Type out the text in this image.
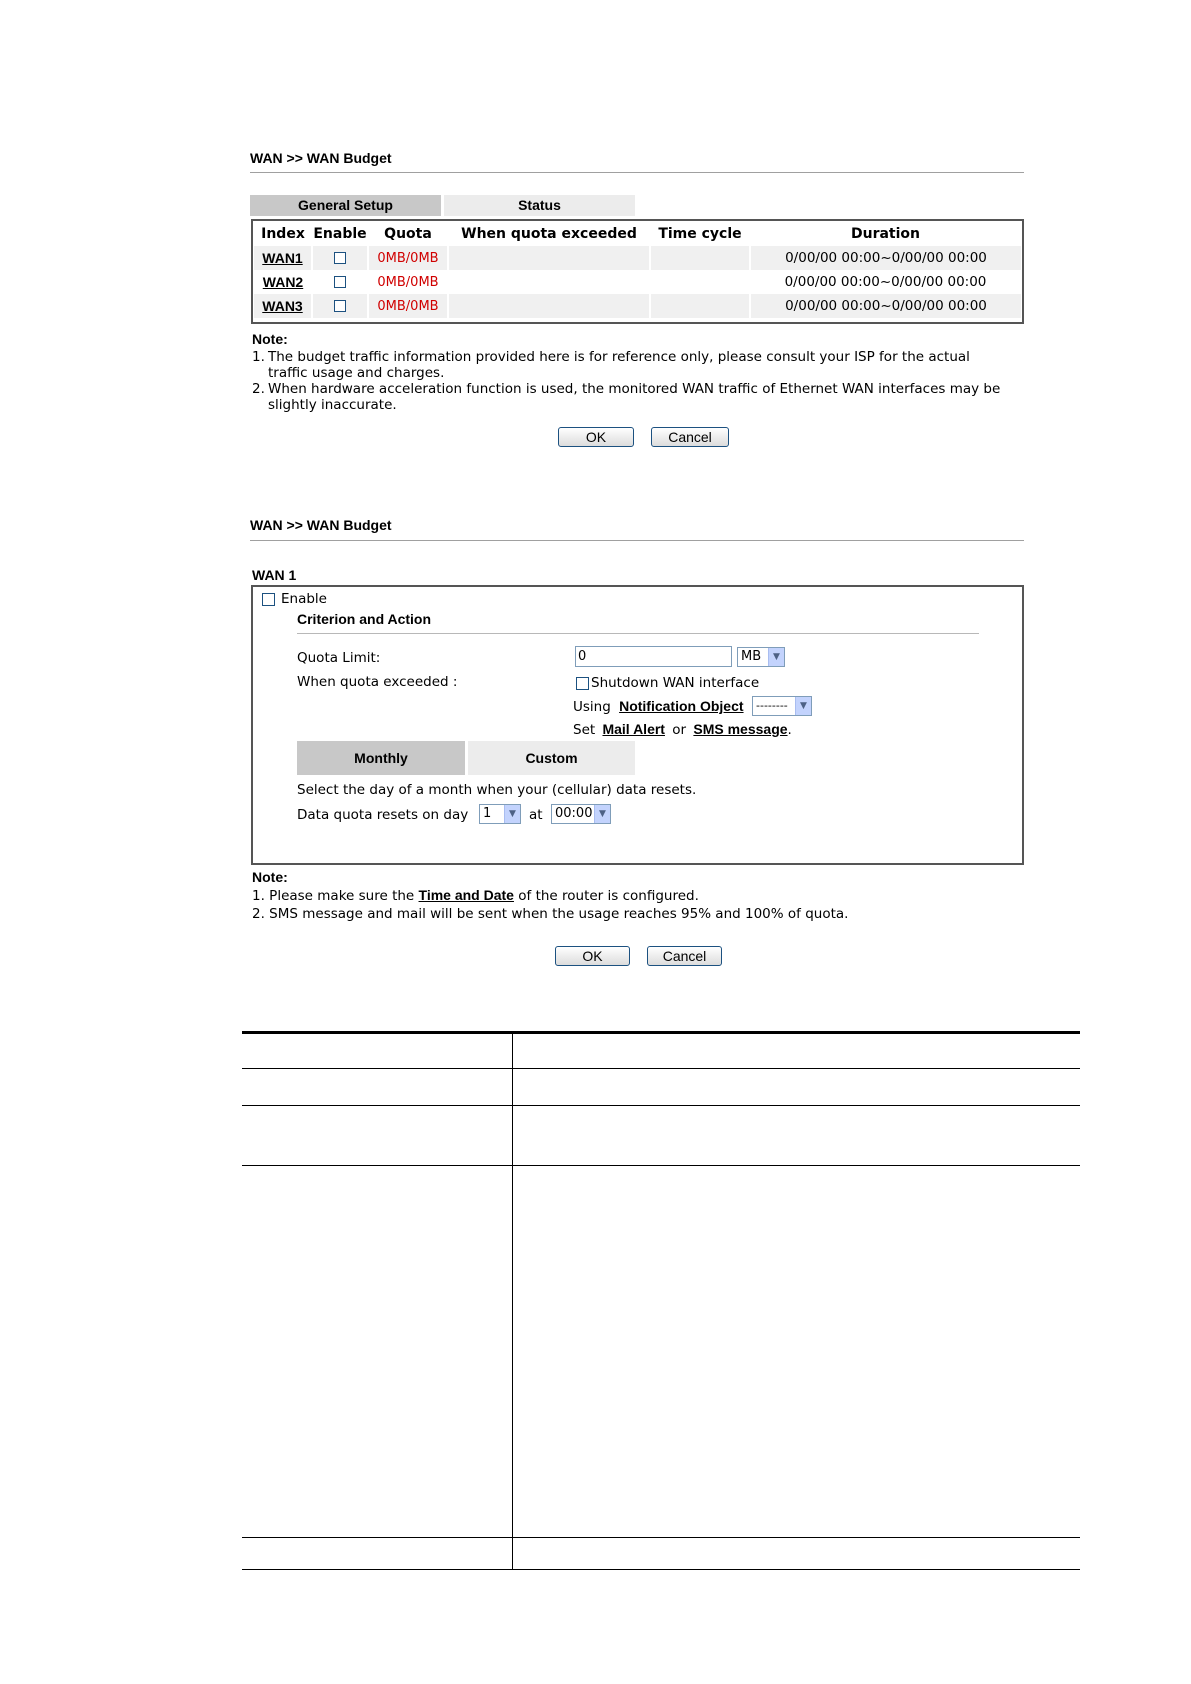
WAN >> WAN Budget
General Setup	Status
Index	Enable	Quota	When quota exceeded	Time cycle	Duration
WAN1		0MB/0MB			0/00/00 00:00~0/00/00 00:00
WAN2		0MB/0MB			0/00/00 00:00~0/00/00 00:00
WAN3		0MB/0MB			0/00/00 00:00~0/00/00 00:00
Note:
1. The budget traffic information provided here is for reference only, please consult your ISP for the actual
traffic usage and charges.
2. When hardware acceleration function is used, the monitored WAN traffic of Ethernet WAN interfaces may be
slightly inaccurate.
OK	Cancel
WAN >> WAN Budget
WAN 1
Enable
Criterion and Action
Quota Limit:	0	MB	▼
When quota exceeded :	Shutdown WAN interface
Using Notification Object	--------	▼
Set Mail Alert or SMS message.
Monthly	Custom
Select the day of a month when your (cellular) data resets.
Data quota resets on day	1	▼ at 00:00 ▼
Note:
1. Please make sure the Time and Date of the router is configured.
2. SMS message and mail will be sent when the usage reaches 95% and 100% of quota.
OK	Cancel
